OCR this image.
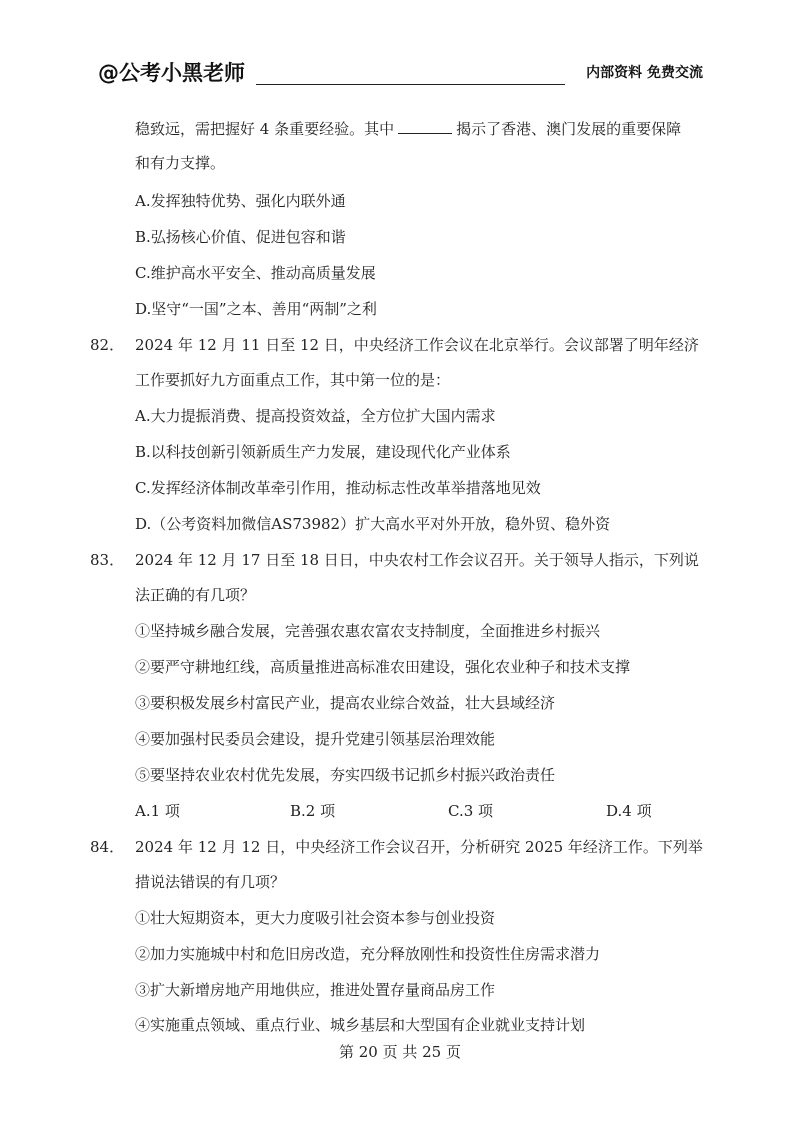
@公考小黑老师	内部资料 免费交流
稳致远，需把握好 4 条重要经验。其中	揭示了香港、澳门发展的重要保障
和有力支撑。
A.发挥独特优势、强化内联外通
B.弘扬核心价值、促进包容和谐
C.维护高水平安全、推动高质量发展
D.坚守“一国”之本、善用“两制”之利
82． 2024 年 12 月 11 日至 12 日，中央经济工作会议在北京举行。会议部署了明年经济
工作要抓好九方面重点工作，其中第一位的是：
A.大力提振消费、提高投资效益，全方位扩大国内需求
B.以科技创新引领新质生产力发展，建设现代化产业体系
C.发挥经济体制改革牵引作用，推动标志性改革举措落地见效
D.（公考资料加微信AS73982）扩大高水平对外开放，稳外贸、稳外资
83． 2024 年 12 月 17 日至 18 日日，中央农村工作会议召开。关于领导人指示，下列说
法正确的有几项？
①坚持城乡融合发展，完善强农惠农富农支持制度，全面推进乡村振兴
②要严守耕地红线，高质量推进高标准农田建设，强化农业种子和技术支撑
③要积极发展乡村富民产业，提高农业综合效益，壮大县域经济
④要加强村民委员会建设，提升党建引领基层治理效能
⑤要坚持农业农村优先发展，夯实四级书记抓乡村振兴政治责任
A.1 项	B.2 项	C.3 项	D.4 项
84． 2024 年 12 月 12 日，中央经济工作会议召开，分析研究 2025 年经济工作。下列举
措说法错误的有几项？
①壮大短期资本，更大力度吸引社会资本参与创业投资
②加力实施城中村和危旧房改造，充分释放刚性和投资性住房需求潜力
③扩大新增房地产用地供应，推进处置存量商品房工作
④实施重点领域、重点行业、城乡基层和大型国有企业就业支持计划
第 20 页 共 25 页
